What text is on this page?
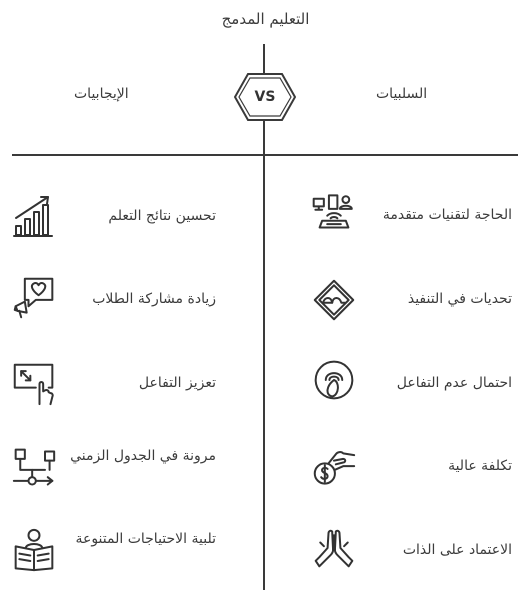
التعليم المدمج
الإيجابيات	السلبيات
VS
تحسين نتائج التعلم
زيادة مشاركة الطلاب
تعزيز التفاعل
مرونة في الجدول الزمني
تلبية الاحتياجات المتنوعة
الحاجة لتقنيات متقدمة
تحديات في التنفيذ
احتمال عدم التفاعل
تكلفة عالية
الاعتماد على الذات
